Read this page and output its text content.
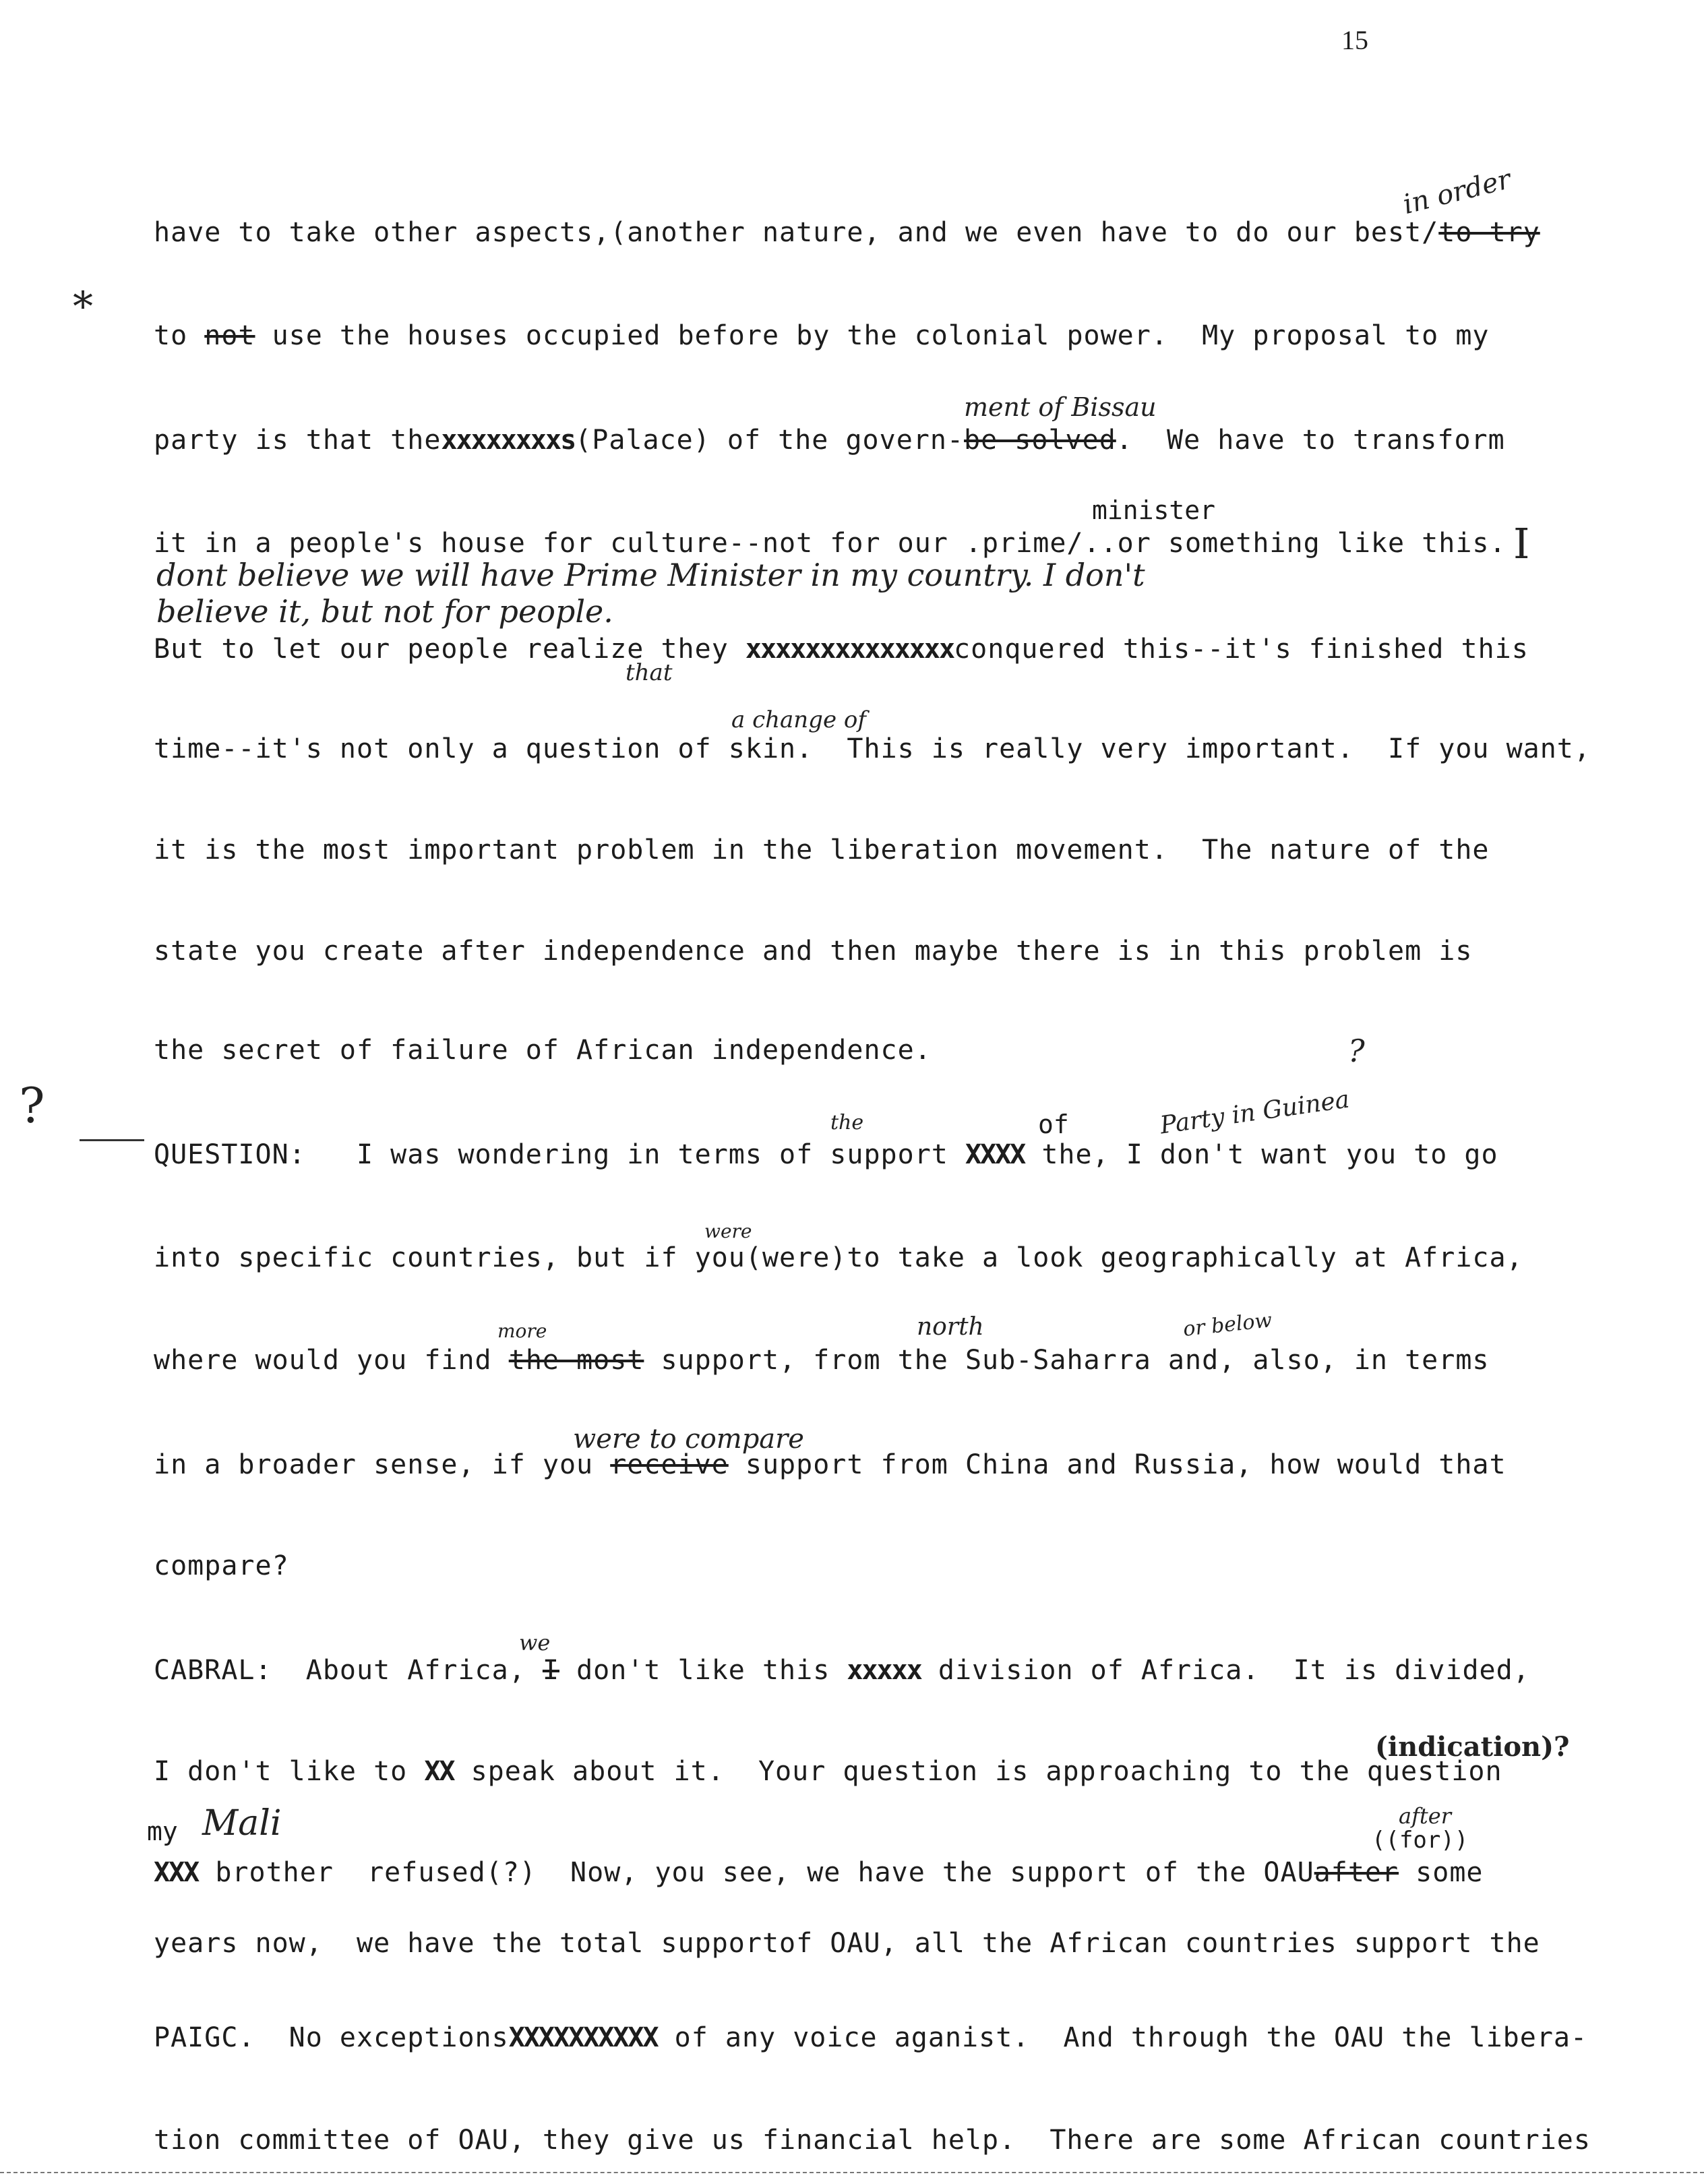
15
*
?
have to take other aspects,(another nature, and we even have to do our best/to try
to not use the houses occupied before by the colonial power.  My proposal to my
party is that thexxxxxxxxs(Palace) of the govern-be solved.  We have to transform
it in a people's house for culture--not for our .prime/..or something like this.
But to let our people realize they xxxxxxxxxxxxxxconquered this--it's finished this
time--it's not only a question of skin.  This is really very important.  If you want,
it is the most important problem in the liberation movement.  The nature of the
state you create after independence and then maybe there is in this problem is
the secret of failure of African independence.
QUESTION:   I was wondering in terms of support XXXX the, I don't want you to go
into specific countries, but if you(were)to take a look geographically at Africa,
where would you find the most support, from the Sub-Saharra and, also, in terms
in a broader sense, if you receive support from China and Russia, how would that
compare?
CABRAL:  About Africa, I don't like this xxxxx division of Africa.  It is divided,
I don't like to XX speak about it.  Your question is approaching to the question
XXX brother  refused(?)  Now, you see, we have the support of the OAUafter some
years now,  we have the total supportof OAU, all the African countries support the
PAIGC.  No exceptionsXXXXXXXXXX of any voice aganist.  And through the OAU the libera-
tion committee of OAU, they give us financial help.  There are some African countries
in order
ment of Bissau
minister
I
dont believe we will have Prime Minister in my country. I don't
believe it, but not for people.
that
a change of
the	of	Party in Guinea
?
were
more	north	or below
were to compare
we
(indication)?
my Mali	after
((for))
